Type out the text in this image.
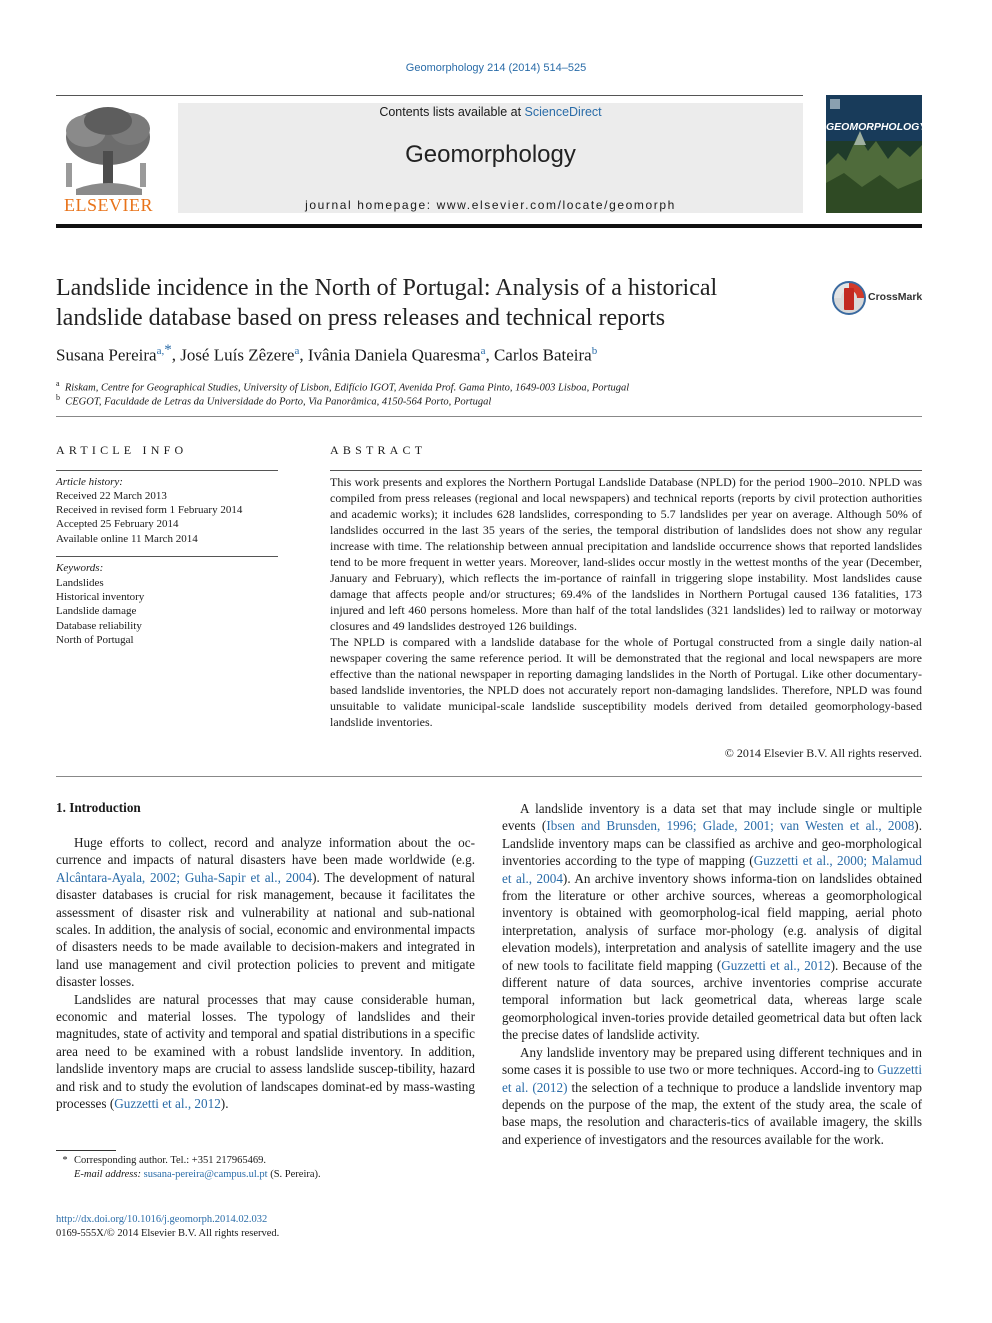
Geomorphology 214 (2014) 514–525
ELSEVIER
Contents lists available at ScienceDirect
Geomorphology
journal homepage: www.elsevier.com/locate/geomorph
GEOMORPHOLOGY
Landslide incidence in the North of Portugal: Analysis of a historical
landslide database based on press releases and technical reports
CrossMark
Susana Pereira$^{a,*}$, José Luís Zêzere$^a$, Ivânia Daniela Quaresma$^a$, Carlos Bateira$^b$
$^a$ Riskam, Centre for Geographical Studies, University of Lisbon, Edifício IGOT, Avenida Prof. Gama Pinto, 1649-003 Lisboa, Portugal
$^b$ CEGOT, Faculdade de Letras da Universidade do Porto, Via Panorâmica, 4150-564 Porto, Portugal
ARTICLE INFO
Article history:
Received 22 March 2013
Received in revised form 1 February 2014
Accepted 25 February 2014
Available online 11 March 2014
Keywords:
Landslides
Historical inventory
Landslide damage
Database reliability
North of Portugal
ABSTRACT

This work presents and explores the Northern Portugal Landslide Database (NPLD) for the period 1900–2010. NPLD was compiled from press releases (regional and local newspapers) and technical reports (reports by civil protection authorities and academic works); it includes 628 landslides, corresponding to 5.7 landslides per year on average. Although 50% of landslides occurred in the last 35 years of the series, the temporal distribution of landslides does not show any regular increase with time. The relationship between annual precipitation and landslide occurrence shows that reported landslides tend to be more frequent in wetter years. Moreover, land-slides occur mostly in the wettest months of the year (December, January and February), which reflects the im-portance of rainfall in triggering slope instability. Most landslides cause damage that affects people and/or structures; 69.4% of the landslides in Northern Portugal caused 136 fatalities, 173 injured and left 460 persons homeless. More than half of the total landslides (321 landslides) led to railway or motorway closures and 49 landslides destroyed 126 buildings.

The NPLD is compared with a landslide database for the whole of Portugal constructed from a single daily nation-al newspaper covering the same reference period. It will be demonstrated that the regional and local newspapers are more effective than the national newspaper in reporting damaging landslides in the North of Portugal. Like other documentary-based landslide inventories, the NPLD does not accurately report non-damaging landslides. Therefore, NPLD was found unsuitable to validate municipal-scale landslide susceptibility models derived from detailed geomorphology-based landslide inventories.

© 2014 Elsevier B.V. All rights reserved.
1. Introduction

Huge efforts to collect, record and analyze information about the oc-currence and impacts of natural disasters have been made worldwide (e.g. Alcântara-Ayala, 2002; Guha-Sapir et al., 2004). The development of natural disaster databases is crucial for risk management, because it facilitates the assessment of disaster risk and vulnerability at national and sub-national scales. In addition, the analysis of social, economic and environmental impacts of disasters needs to be made available to decision-makers and integrated in land use management and civil protection policies to prevent and mitigate disaster losses.

Landslides are natural processes that may cause considerable human, economic and material losses. The typology of landslides and their magnitudes, state of activity and temporal and spatial distributions in a specific area need to be examined with a robust landslide inventory. In addition, landslide inventory maps are crucial to assess landslide suscep-tibility, hazard and risk and to study the evolution of landscapes dominat-ed by mass-wasting processes (Guzzetti et al., 2012).

A landslide inventory is a data set that may include single or multiple events (Ibsen and Brunsden, 1996; Glade, 2001; van Westen et al., 2008). Landslide inventory maps can be classified as archive and geo-morphological inventories according to the type of mapping (Guzzetti et al., 2000; Malamud et al., 2004). An archive inventory shows informa-tion on landslides obtained from the literature or other archive sources, whereas a geomorphological inventory is obtained with geomorpholog-ical field mapping, aerial photo interpretation, analysis of surface mor-phology (e.g. analysis of digital elevation models), interpretation and analysis of satellite imagery and the use of new tools to facilitate field mapping (Guzzetti et al., 2012). Because of the different nature of data sources, archive inventories comprise accurate temporal information but lack geometrical data, whereas large scale geomorphological inven-tories provide detailed geometrical data but often lack the precise dates of landslide activity.

Any landslide inventory may be prepared using different techniques and in some cases it is possible to use two or more techniques. Accord-ing to Guzzetti et al. (2012) the selection of a technique to produce a landslide inventory map depends on the purpose of the map, the extent of the study area, the scale of base maps, the resolution and characteris-tics of available imagery, the skills and experience of investigators and the resources available for the work.

* Corresponding author. Tel.: +351 217965469.
E-mail address: susana-pereira@campus.ul.pt (S. Pereira).
http://dx.doi.org/10.1016/j.geomorph.2014.02.032
0169-555X/© 2014 Elsevier B.V. All rights reserved.
